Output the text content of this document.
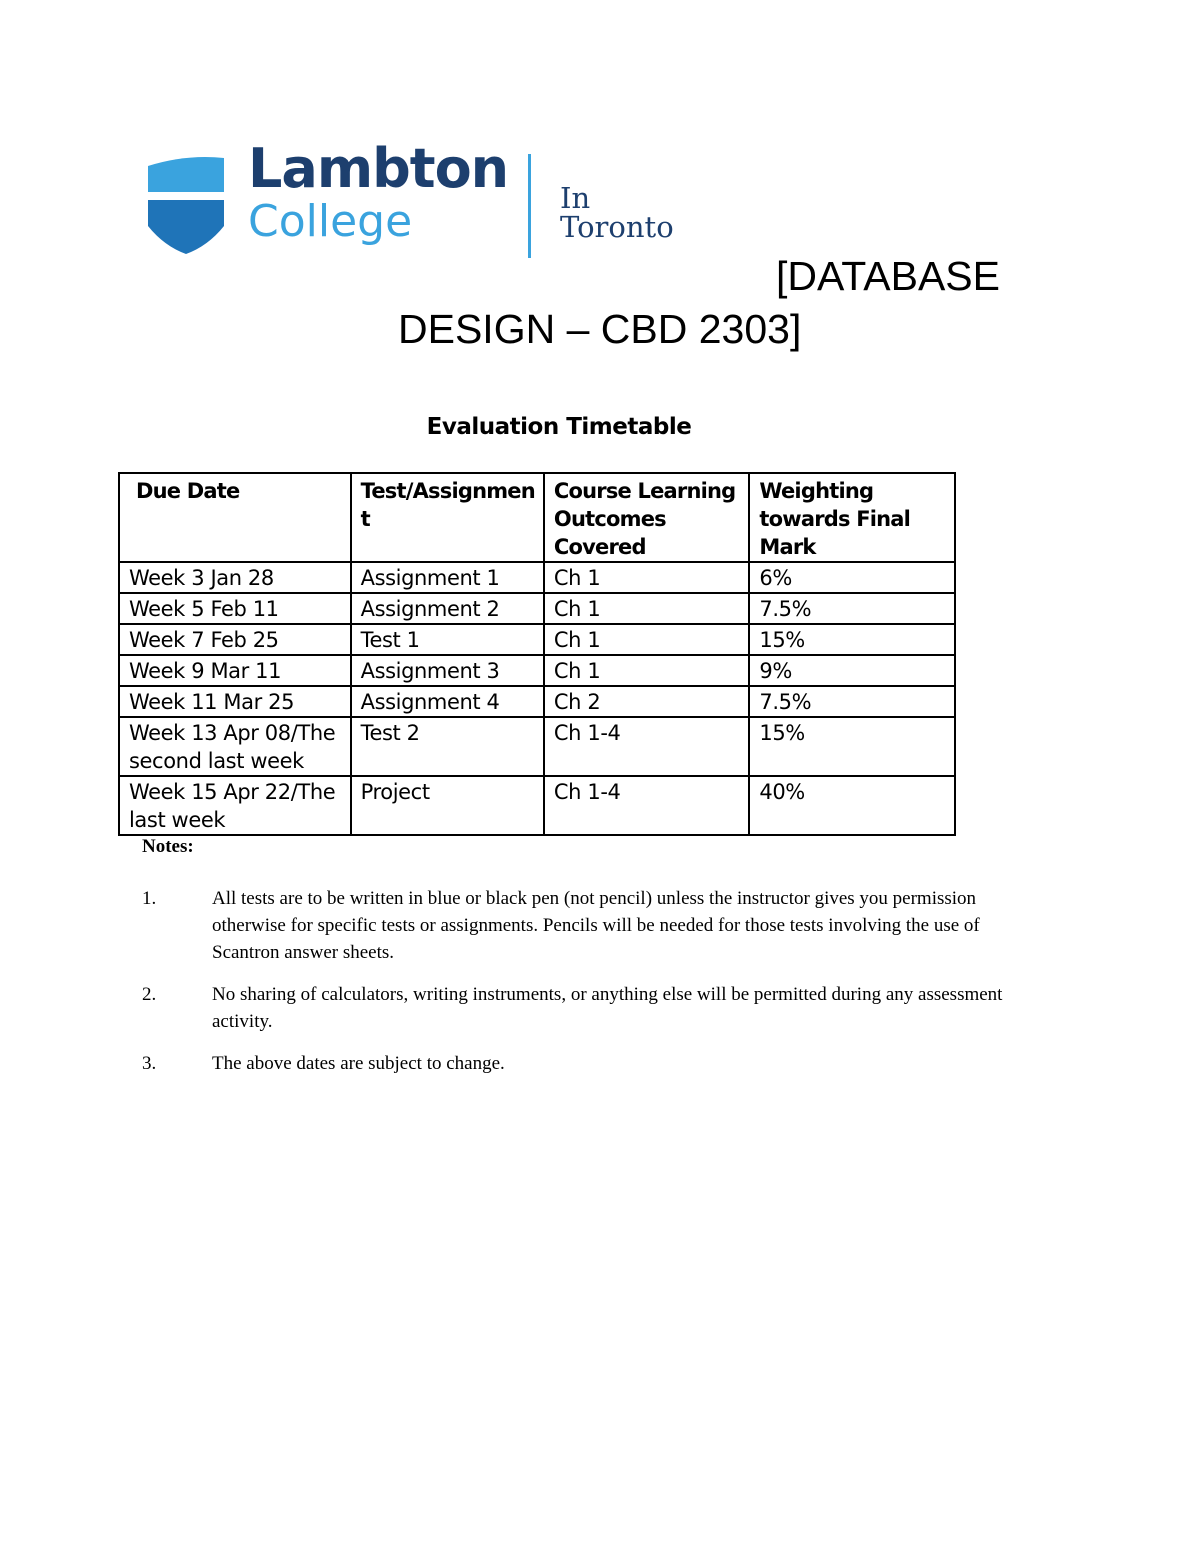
Lambton
College	In Toronto
[DATABASE
DESIGN – CBD 2303]
Evaluation Timetable
Due Date	Test/Assignmen t	Course Learning Outcomes Covered	Weighting towards Final Mark
Week 3 Jan 28	Assignment 1	Ch 1	6%
Week 5 Feb 11	Assignment 2	Ch 1	7.5%
Week 7 Feb 25	Test 1	Ch 1	15%
Week 9 Mar 11	Assignment 3	Ch 1	9%
Week 11 Mar 25	Assignment 4	Ch 2	7.5%
Week 13 Apr 08/The second last week	Test 2	Ch 1-4	15%
Week 15 Apr 22/The last week	Project	Ch 1-4	40%
Notes:
1.	All tests are to be written in blue or black pen (not pencil) unless the instructor gives you permission otherwise for specific tests or assignments. Pencils will be needed for those tests involving the use of Scantron answer sheets.
2.	No sharing of calculators, writing instruments, or anything else will be permitted during any assessment activity.
3.	The above dates are subject to change.
